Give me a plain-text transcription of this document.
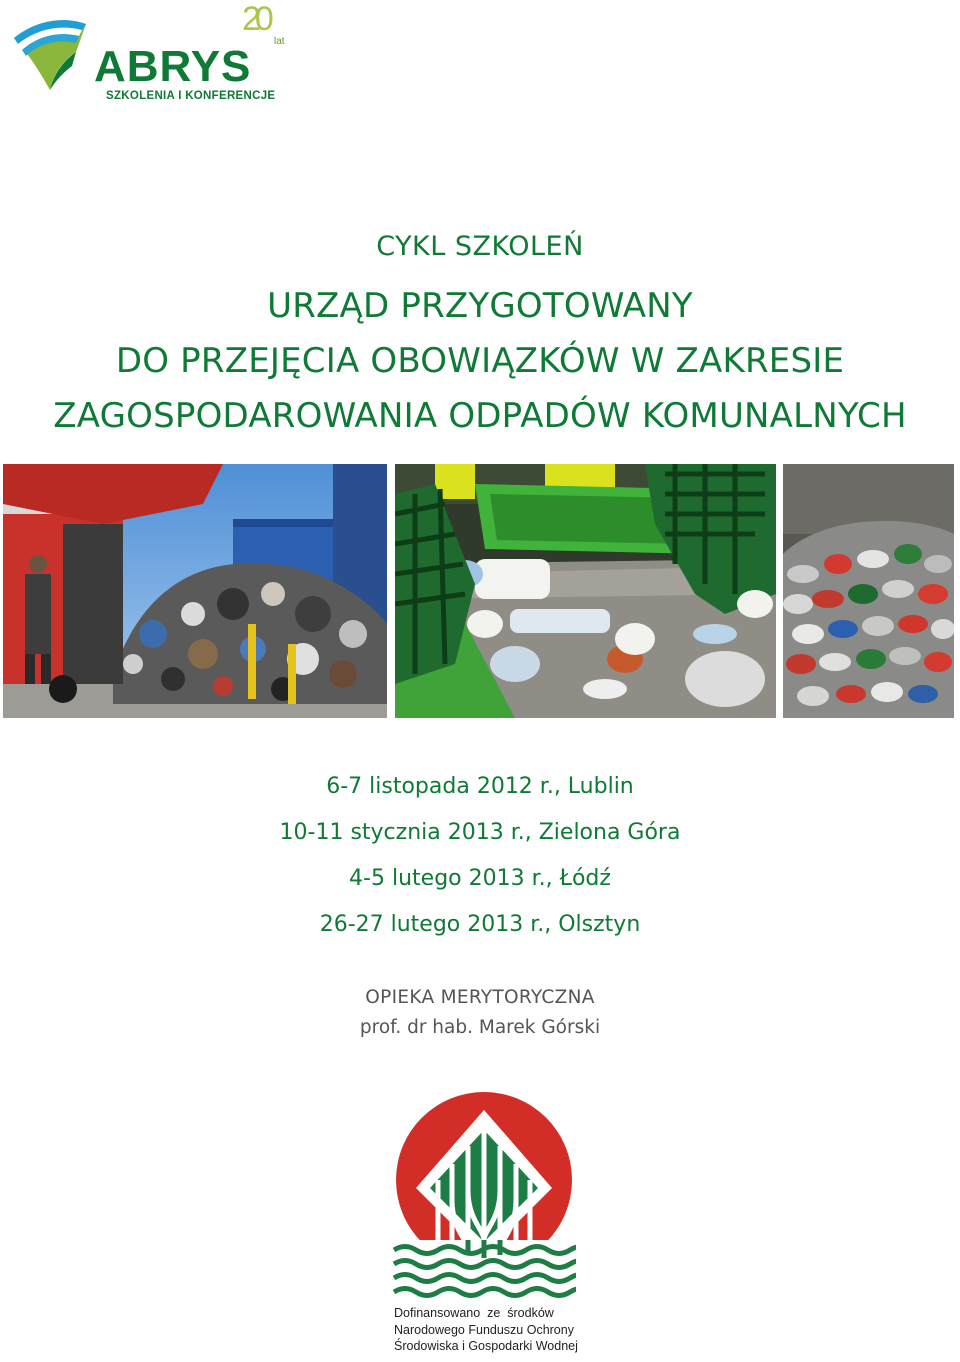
ABRYS
SZKOLENIA I KONFERENCJE
20
lat
CYKL SZKOLEŃ
URZĄD PRZYGOTOWANY
DO PRZEJĘCIA OBOWIĄZKÓW W ZAKRESIE
ZAGOSPODAROWANIA ODPADÓW KOMUNALNYCH
6-7 listopada 2012 r., Lublin
10-11 stycznia 2013 r., Zielona Góra
4-5 lutego 2013 r., Łódź
26-27 lutego 2013 r., Olsztyn
OPIEKA MERYTORYCZNA
prof. dr hab. Marek Górski
Dofinansowano  ze  środków
Narodowego Funduszu Ochrony
Środowiska i Gospodarki Wodnej
